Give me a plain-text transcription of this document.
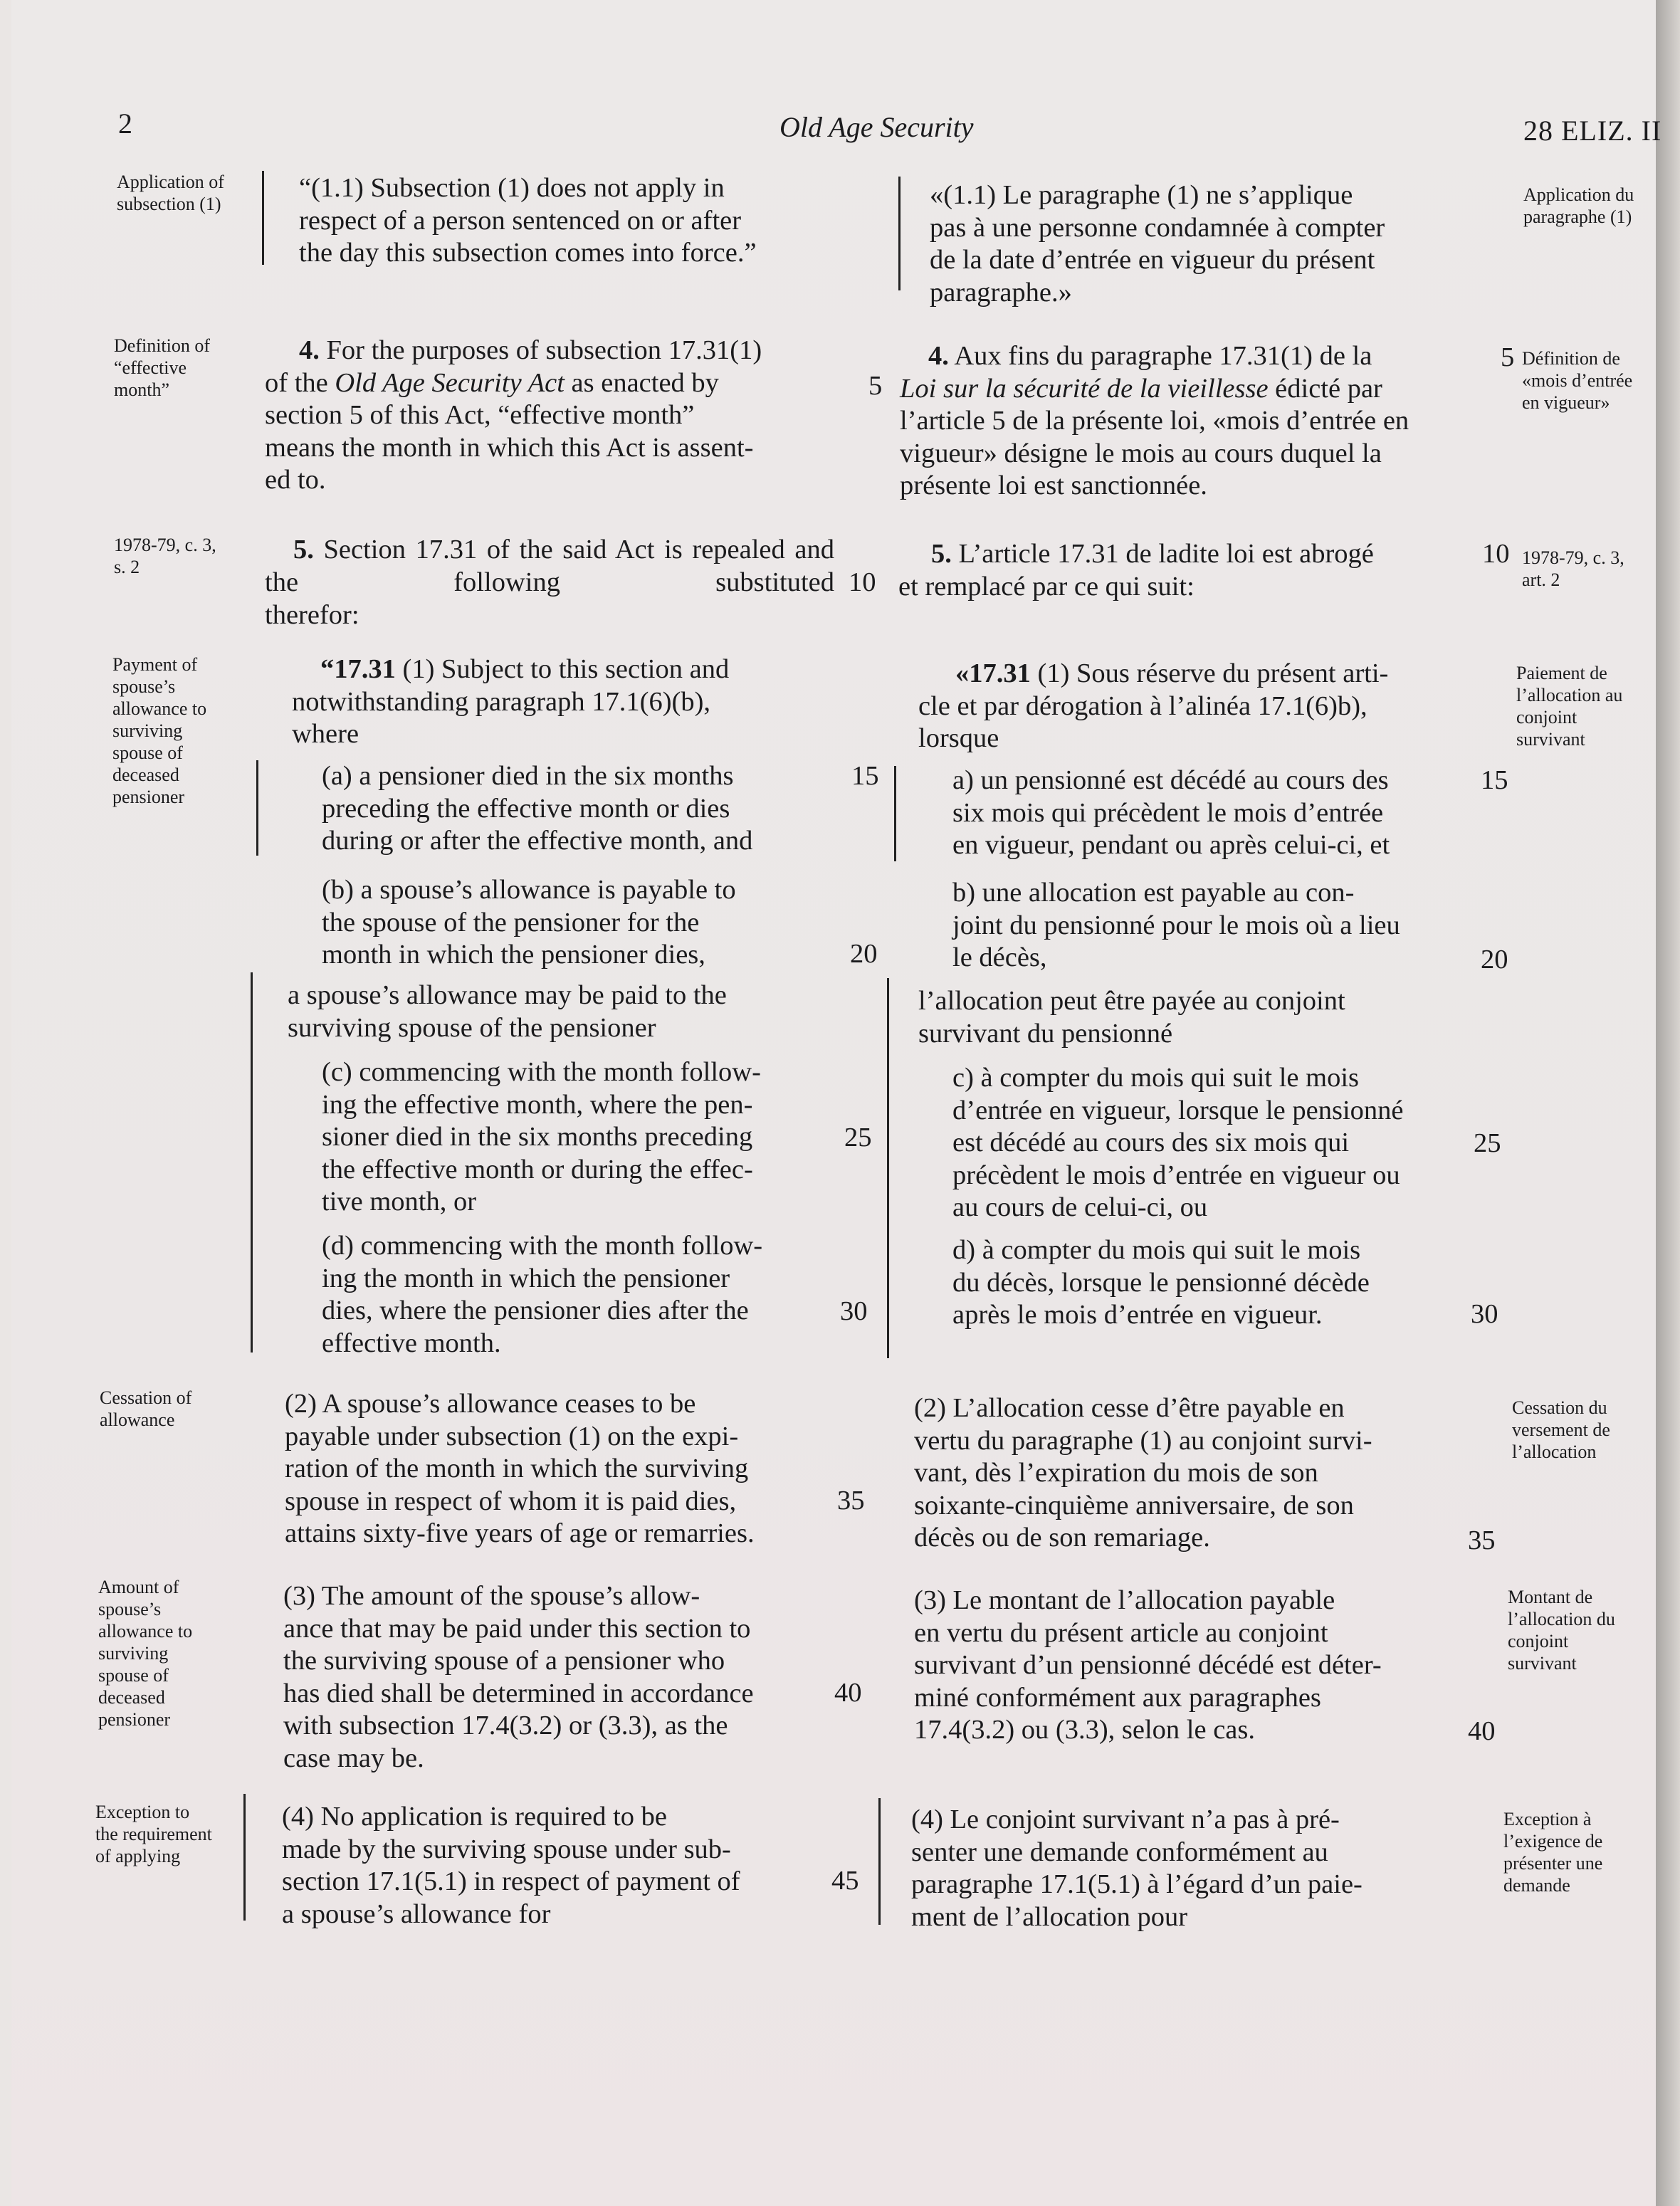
2	Old Age Security	28 ELIZ. II
Application of
subsection (1)
Definition of
“effective
month”
1978-79, c. 3,
s. 2
Payment of
spouse’s
allowance to
surviving
spouse of
deceased
pensioner
Cessation of
allowance
Amount of
spouse’s
allowance to
surviving
spouse of
deceased
pensioner
Exception to
the requirement
of applying
Application du
paragraphe (1)
Définition de
«mois d’entrée
en vigueur»
1978-79, c. 3,
art. 2
Paiement de
l’allocation au
conjoint
survivant
Cessation du
versement de
l’allocation
Montant de
l’allocation du
conjoint
survivant
Exception à
l’exigence de
présenter une
demande
“(1.1) Subsection (1) does not apply in
respect of a person sentenced on or after
the day this subsection comes into force.”
4. For the purposes of subsection 17.31(1)
of the Old Age Security Act as enacted by
section 5 of this Act, “effective month”
means the month in which this Act is assent-
ed to.
5. Section 17.31 of the said Act is repealed and the following substituted
therefor:
“17.31 (1) Subject to this section and
notwithstanding paragraph 17.1(6)(b),
where
(a) a pensioner died in the six months
preceding the effective month or dies
during or after the effective month, and
(b) a spouse’s allowance is payable to
the spouse of the pensioner for the
month in which the pensioner dies,
a spouse’s allowance may be paid to the
surviving spouse of the pensioner
(c) commencing with the month follow-
ing the effective month, where the pen-
sioner died in the six months preceding
the effective month or during the effec-
tive month, or
(d) commencing with the month follow-
ing the month in which the pensioner
dies, where the pensioner dies after the
effective month.
(2) A spouse’s allowance ceases to be
payable under subsection (1) on the expi-
ration of the month in which the surviving
spouse in respect of whom it is paid dies,
attains sixty-five years of age or remarries.
(3) The amount of the spouse’s allow-
ance that may be paid under this section to
the surviving spouse of a pensioner who
has died shall be determined in accordance
with subsection 17.4(3.2) or (3.3), as the
case may be.
(4) No application is required to be
made by the surviving spouse under sub-
section 17.1(5.1) in respect of payment of
a spouse’s allowance for
«(1.1) Le paragraphe (1) ne s’applique
pas à une personne condamnée à compter
de la date d’entrée en vigueur du présent
paragraphe.»
4. Aux fins du paragraphe 17.31(1) de la
Loi sur la sécurité de la vieillesse édicté par
l’article 5 de la présente loi, «mois d’entrée en
vigueur» désigne le mois au cours duquel la
présente loi est sanctionnée.
5. L’article 17.31 de ladite loi est abrogé
et remplacé par ce qui suit:
«17.31 (1) Sous réserve du présent arti-
cle et par dérogation à l’alinéa 17.1(6)b),
lorsque
a) un pensionné est décédé au cours des
six mois qui précèdent le mois d’entrée
en vigueur, pendant ou après celui-ci, et
b) une allocation est payable au con-
joint du pensionné pour le mois où a lieu
le décès,
l’allocation peut être payée au conjoint
survivant du pensionné
c) à compter du mois qui suit le mois
d’entrée en vigueur, lorsque le pensionné
est décédé au cours des six mois qui
précèdent le mois d’entrée en vigueur ou
au cours de celui-ci, ou
d) à compter du mois qui suit le mois
du décès, lorsque le pensionné décède
après le mois d’entrée en vigueur.
(2) L’allocation cesse d’être payable en
vertu du paragraphe (1) au conjoint survi-
vant, dès l’expiration du mois de son
soixante-cinquième anniversaire, de son
décès ou de son remariage.
(3) Le montant de l’allocation payable
en vertu du présent article au conjoint
survivant d’un pensionné décédé est déter-
miné conformément aux paragraphes
17.4(3.2) ou (3.3), selon le cas.
(4) Le conjoint survivant n’a pas à pré-
senter une demande conformément au
paragraphe 17.1(5.1) à l’égard d’un paie-
ment de l’allocation pour
5
10
15
20
25
30
35
40
45
5
10
15
20
25
30
35
40
